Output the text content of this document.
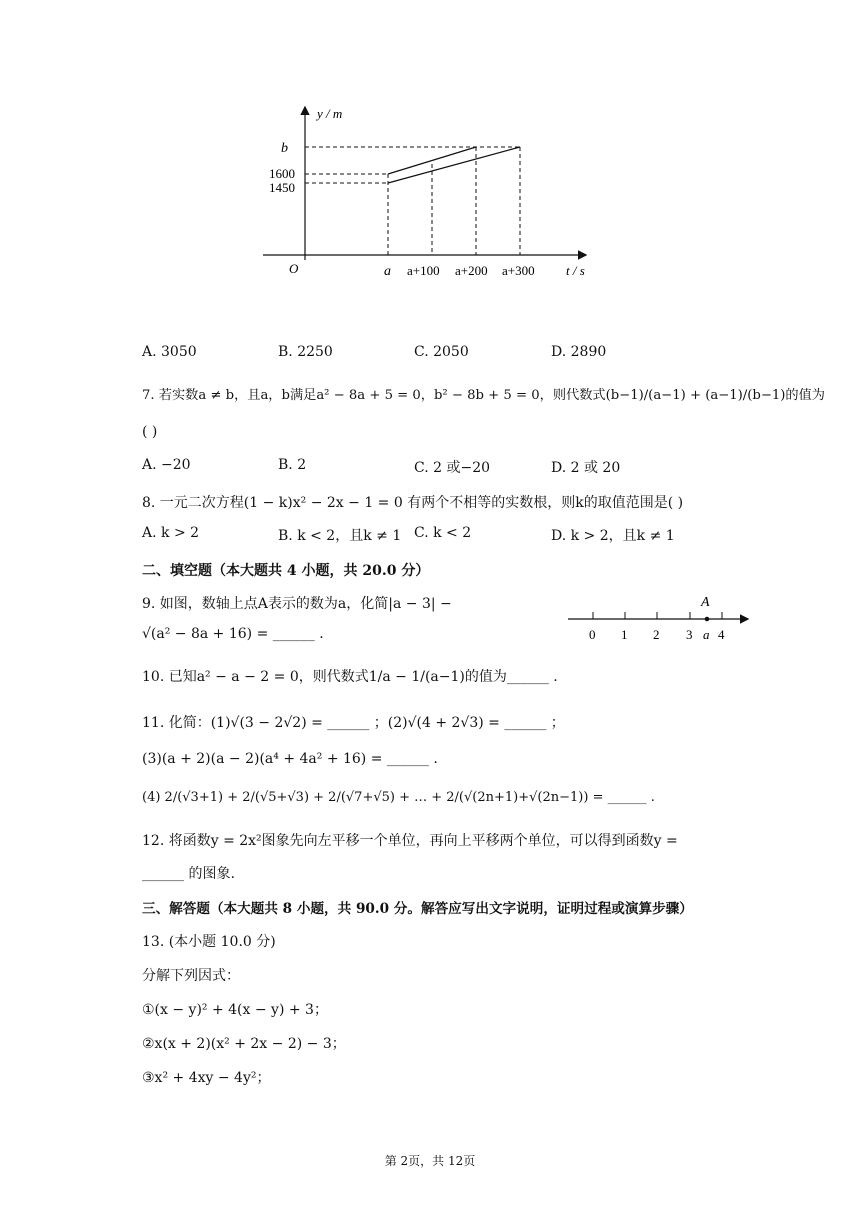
y / m
b
1600
1450
O	a a+100 a+200 a+300 t / s
A. 3050	B. 2250	C. 2050	D. 2890
7. 若实数a ≠ b，且a，b满足a² − 8a + 5 = 0，b² − 8b + 5 = 0，则代数式(b−1)/(a−1) + (a−1)/(b−1)的值为
( )
A. −20	B. 2	C. 2 或−20	D. 2 或 20
8. 一元二次方程(1 − k)x² − 2x − 1 = 0 有两个不相等的实数根，则k的取值范围是( )
A. k > 2	B. k < 2，且k ≠ 1 C. k < 2	D. k > 2，且k ≠ 1
二、填空题（本大题共 4 小题，共 20.0 分）
9. 如图，数轴上点A表示的数为a，化简|a − 3| −
√(a² − 8a + 16) = ______ .
A
0 1 2 3 a 4
10. 已知a² − a − 2 = 0，则代数式1/a − 1/(a−1)的值为______ .
11. 化简：(1)√(3 − 2√2) = ______ ；(2)√(4 + 2√3) = ______ ；
(3)(a + 2)(a − 2)(a⁴ + 4a² + 16) = ______ .
(4) 2/(√3+1) + 2/(√5+√3) + 2/(√7+√5) + … + 2/(√(2n+1)+√(2n−1)) = ______ .
12. 将函数y = 2x²图象先向左平移一个单位，再向上平移两个单位，可以得到函数y =
______ 的图象.
三、解答题（本大题共 8 小题，共 90.0 分。解答应写出文字说明，证明过程或演算步骤）
13. (本小题 10.0 分)
分解下列因式：
①(x − y)² + 4(x − y) + 3；
②x(x + 2)(x² + 2x − 2) − 3；
③x² + 4xy − 4y²；
第 2页，共 12页
